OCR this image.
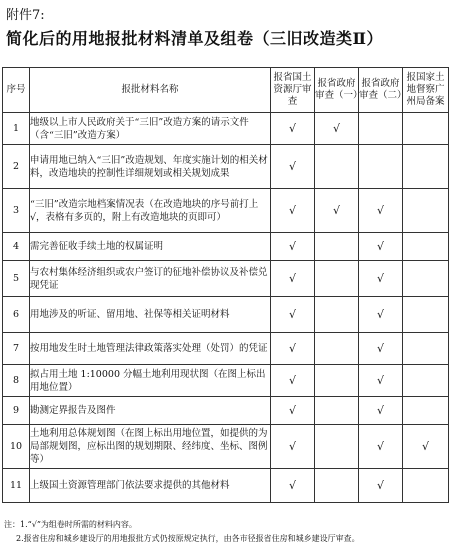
附件7:
简化后的用地报批材料清单及组卷（三旧改造类Ⅱ）
序号	报批材料名称	报省国土资源厅审查	报省政府审查（一）	报省政府审查（二）	报国家土地督察广州局备案
1	地级以上市人民政府关于“三旧”改造方案的请示文件（含“三旧”改造方案）	√	√		
2	申请用地已纳入“三旧”改造规划、年度实施计划的相关材料，改造地块的控制性详细规划或相关规划成果	√			
3	“三旧”改造宗地档案情况表（在改造地块的序号前打上√，表格有多页的，附上有改造地块的页即可）	√	√	√	
4	需完善征收手续土地的权属证明	√		√	
5	与农村集体经济组织或农户签订的征地补偿协议及补偿兑现凭证	√		√	
6	用地涉及的听证、留用地、社保等相关证明材料	√		√	
7	按用地发生时土地管理法律政策落实处理（处罚）的凭证	√		√	
8	拟占用土地 1:10000 分幅土地利用现状图（在图上标出用地位置）	√		√	
9	勘测定界报告及图件	√		√	
10	土地利用总体规划图（在图上标出用地位置，如提供的为局部规划图，应标出图的规划期限、经纬度、坐标、图例等）	√		√	√
11	上级国土资源管理部门依法要求提供的其他材料	√		√	
注：1.“√”为组卷时所需的材料内容。
2.报省住房和城乡建设厅的用地报批方式仍按原规定执行，由各市径报省住房和城乡建设厅审查。
